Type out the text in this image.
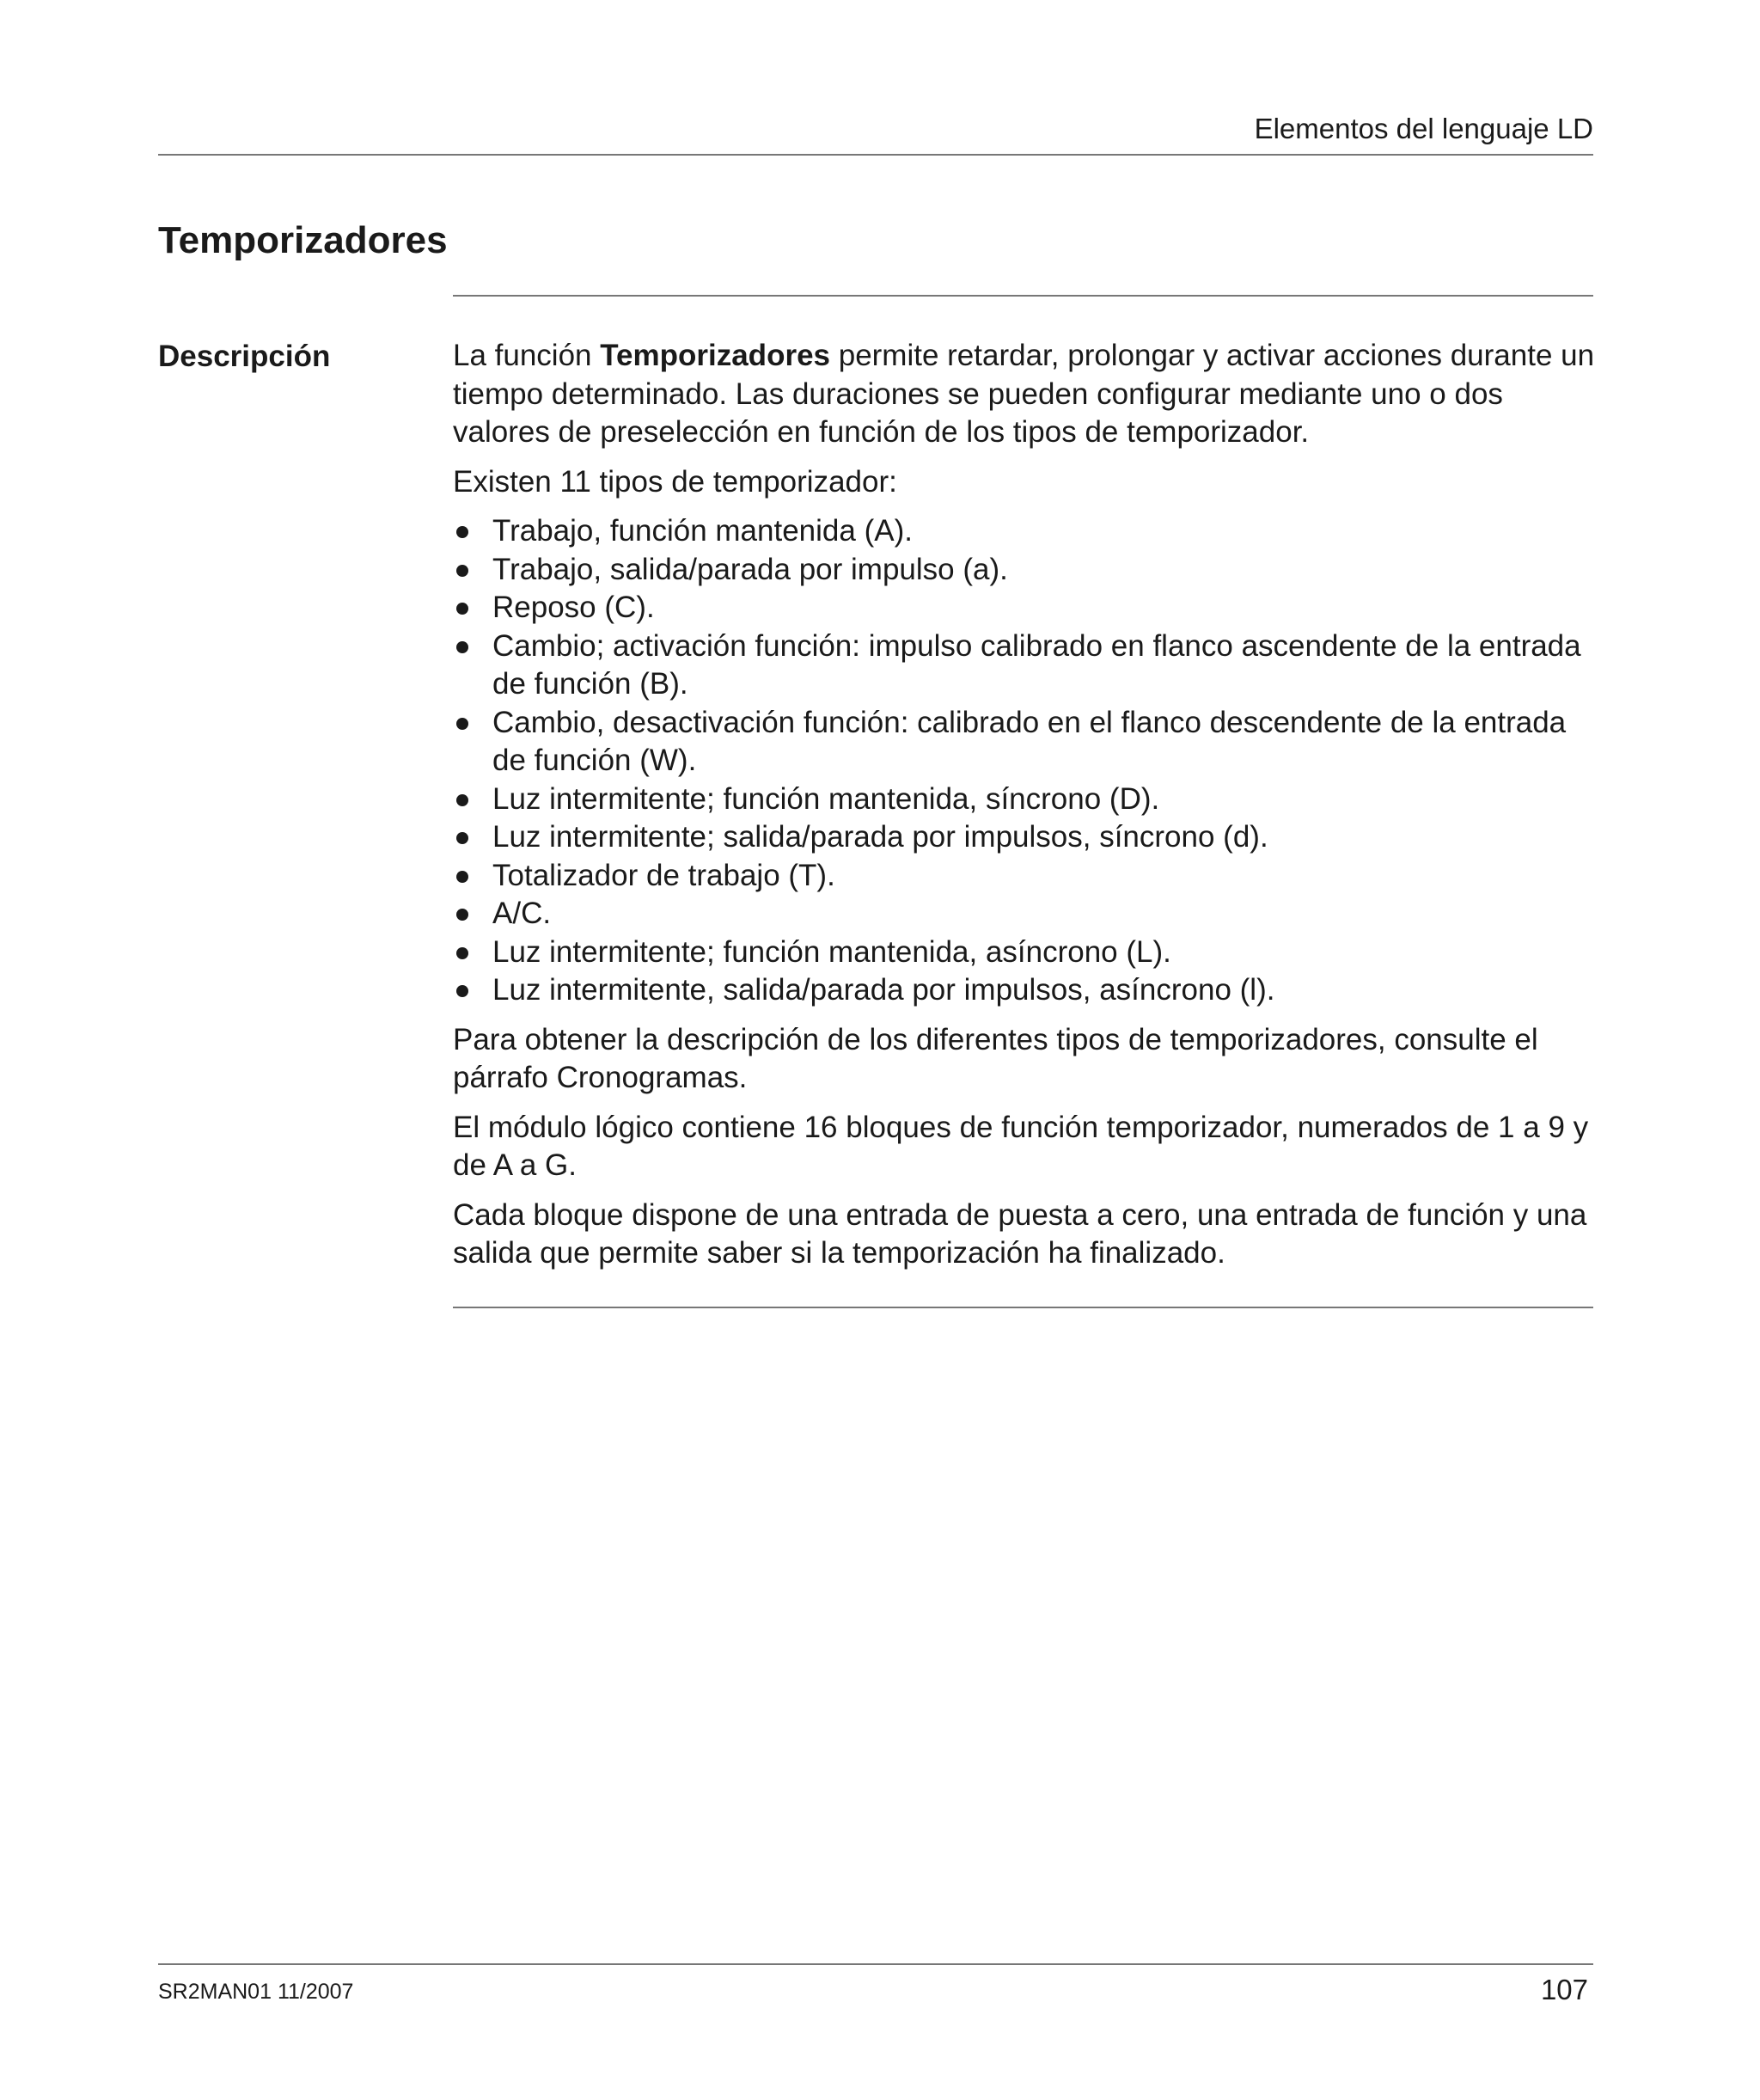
Elementos del lenguaje LD
Temporizadores
Descripción	La función Temporizadores permite retardar, prolongar y activar acciones durante un tiempo determinado. Las duraciones se pueden configurar mediante uno o dos valores de preselección en función de los tipos de temporizador.

Existen 11 tipos de temporizador:

Trabajo, función mantenida (A).
Trabajo, salida/parada por impulso (a).
Reposo (C).
Cambio; activación función: impulso calibrado en flanco ascendente de la entrada de función (B).
Cambio, desactivación función: calibrado en el flanco descendente de la entrada de función (W).
Luz intermitente; función mantenida, síncrono (D).
Luz intermitente; salida/parada por impulsos, síncrono (d).
Totalizador de trabajo (T).
A/C.
Luz intermitente; función mantenida, asíncrono (L).
Luz intermitente, salida/parada por impulsos, asíncrono (l).

Para obtener la descripción de los diferentes tipos de temporizadores, consulte el párrafo Cronogramas.

El módulo lógico contiene 16 bloques de función temporizador, numerados de 1 a 9 y de A a G.

Cada bloque dispone de una entrada de puesta a cero, una entrada de función y una salida que permite saber si la temporización ha finalizado.

SR2MAN01 11/2007	107
